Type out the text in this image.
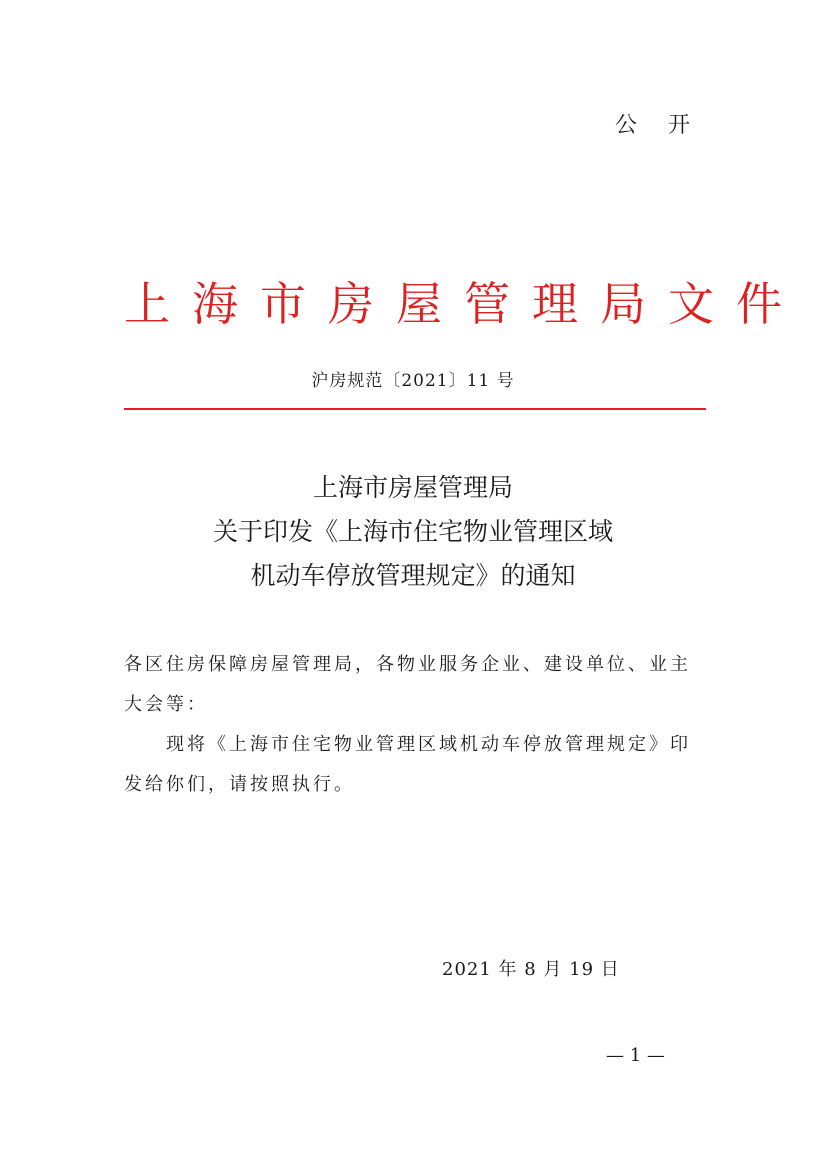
公 开
上海市房屋管理局文件
沪房规范〔2021〕11 号
上海市房屋管理局
关于印发《上海市住宅物业管理区域
机动车停放管理规定》的通知
各区住房保障房屋管理局，各物业服务企业、建设单位、业主大会等：
现将《上海市住宅物业管理区域机动车停放管理规定》印发给你们，请按照执行。
2021 年 8 月 19 日
— 1 —
